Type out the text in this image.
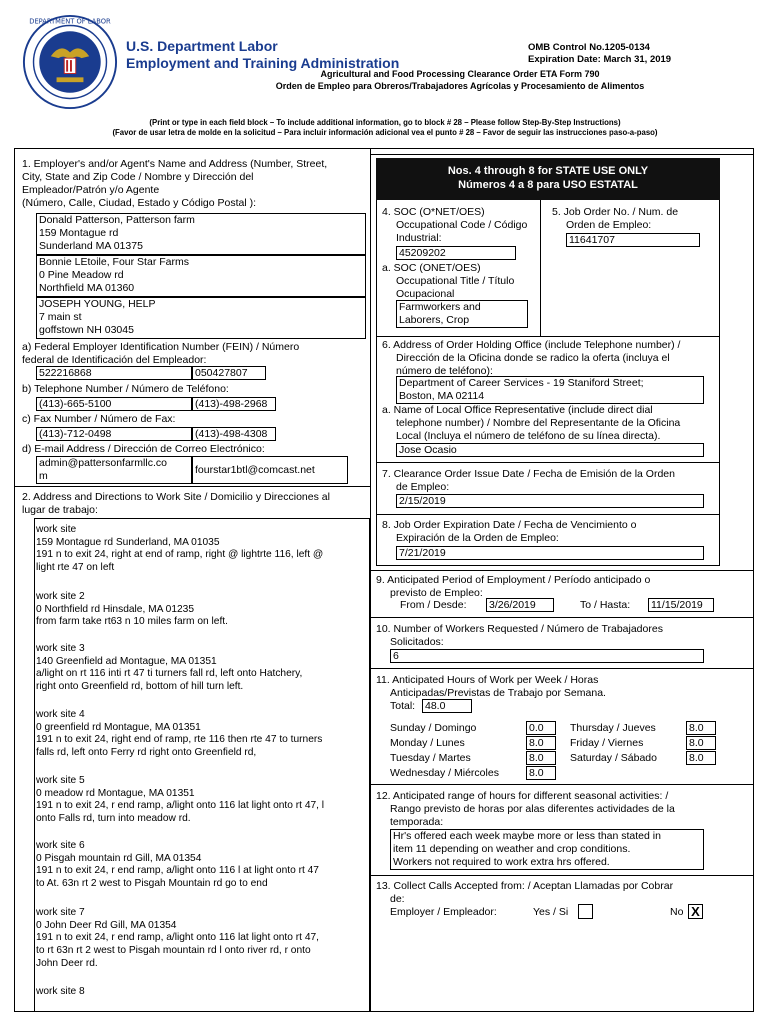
DEPARTMENT OF LABOR
U.S. Department Labor
Employment and Training Administration
OMB Control No.1205-0134
Expiration Date: March 31, 2019
Agricultural and Food Processing Clearance Order ETA Form 790
Orden de Empleo para Obreros/Trabajadores Agrícolas y Procesamiento de Alimentos
(Print or type in each field block – To include additional information, go to block # 28 – Please follow Step-By-Step Instructions)
(Favor de usar letra de molde en la solicitud – Para incluir información adicional vea el punto # 28 – Favor de seguir las instrucciones paso-a-paso)
1. Employer's and/or Agent's Name and Address (Number, Street,
City, State and Zip Code / Nombre y Dirección del
Empleador/Patrón y/o Agente
(Número, Calle, Ciudad, Estado y Código Postal ):
Donald Patterson, Patterson farm
159 Montague rd
Sunderland MA 01375
Bonnie LEtoile, Four Star Farms
0 Pine Meadow rd
Northfield MA 01360
JOSEPH YOUNG, HELP
7 main st
goffstown NH 03045
a) Federal Employer Identification Number (FEIN) / Número
federal de Identificación del Empleador:
522216868	050427807
b) Telephone Number / Número de Teléfono:
(413)-665-5100	(413)-498-2968
c) Fax Number / Número de Fax:
(413)-712-0498	(413)-498-4308
d) E-mail Address / Dirección de Correo Electrónico:
admin@pattersonfarmllc.co
m	fourstar1btl@comcast.net
2. Address and Directions to Work Site / Domicilio y Direcciones al
lugar de trabajo:
work site
159 Montague rd Sunderland, MA 01035
191 n to exit 24, right at end of ramp, right @ lightrte 116, left @
light rte 47 on left
work site 2
0 Northfield rd Hinsdale, MA 01235
from farm take rt63 n 10 miles farm on left.
work site 3
140 Greenfield ad Montague, MA 01351
a/light on rt 116 inti rt 47 ti turners fall rd, left onto Hatchery,
right onto Greenfield rd, bottom of hill turn left.
work site 4
0 greenfield rd Montague, MA 01351
191 n to exit 24, right end of ramp, rte 116 then rte 47 to turners
falls rd, left onto Ferry rd right onto Greenfield rd,
work site 5
0 meadow rd Montague, MA 01351
191 n to exit 24, r end ramp, a/light onto 116 lat light onto rt 47, l
onto Falls rd, turn into meadow rd.
work site 6
0 Pisgah mountain rd Gill, MA 01354
191 n to exit 24, r end ramp, a/light onto 116 l at light onto rt 47
to At. 63n rt 2 west to Pisgah Mountain rd go to end
work site 7
0 John Deer Rd Gill, MA 01354
191 n to exit 24, r end ramp, a/light onto 116 lat light onto rt 47,
to rt 63n rt 2 west to Pisgah mountain rd l onto river rd, r onto
John Deer rd.
work site 8
Nos. 4 through 8 for STATE USE ONLY
Números 4 a 8 para USO ESTATAL
4. SOC (O*NET/OES)
Occupational Code / Código
Industrial:
45209202
a. SOC (ONET/OES)
Occupational Title / Título
Ocupacional
Farmworkers and
Laborers, Crop
5. Job Order No. / Num. de
Orden de Empleo:
11641707
6. Address of Order Holding Office (include Telephone number) /
Dirección de la Oficina donde se radico la oferta (incluya el
número de teléfono):
Department of Career Services - 19 Staniford Street;
Boston, MA 02114
a. Name of Local Office Representative (include direct dial
telephone number) / Nombre del Representante de la Oficina
Local (Incluya el número de teléfono de su línea directa).
Jose Ocasio
7. Clearance Order Issue Date / Fecha de Emisión de la Orden
de Empleo:
2/15/2019
8. Job Order Expiration Date / Fecha de Vencimiento o
Expiración de la Orden de Empleo:
7/21/2019
9. Anticipated Period of Employment / Período anticipado o
previsto de Empleo:
From / Desde: 3/26/2019	To / Hasta: 11/15/2019
10. Number of Workers Requested / Número de Trabajadores
Solicitados:
6
11. Anticipated Hours of Work per Week / Horas
Anticipadas/Previstas de Trabajo por Semana.
Total: 48.0
Sunday / Domingo	0.0
Monday / Lunes	8.0
Tuesday / Martes	8.0
Wednesday / Miércoles	8.0
Thursday / Jueves	8.0
Friday / Viernes	8.0
Saturday / Sábado	8.0
12. Anticipated range of hours for different seasonal activities: /
Rango previsto de horas por alas diferentes actividades de la
temporada:
Hr's offered each week maybe more or less than stated in
item 11 depending on weather and crop conditions.
Workers not required to work extra hrs offered.
13. Collect Calls Accepted from: / Aceptan Llamadas por Cobrar
de:
Employer / Empleador:	Yes / Si	No X
